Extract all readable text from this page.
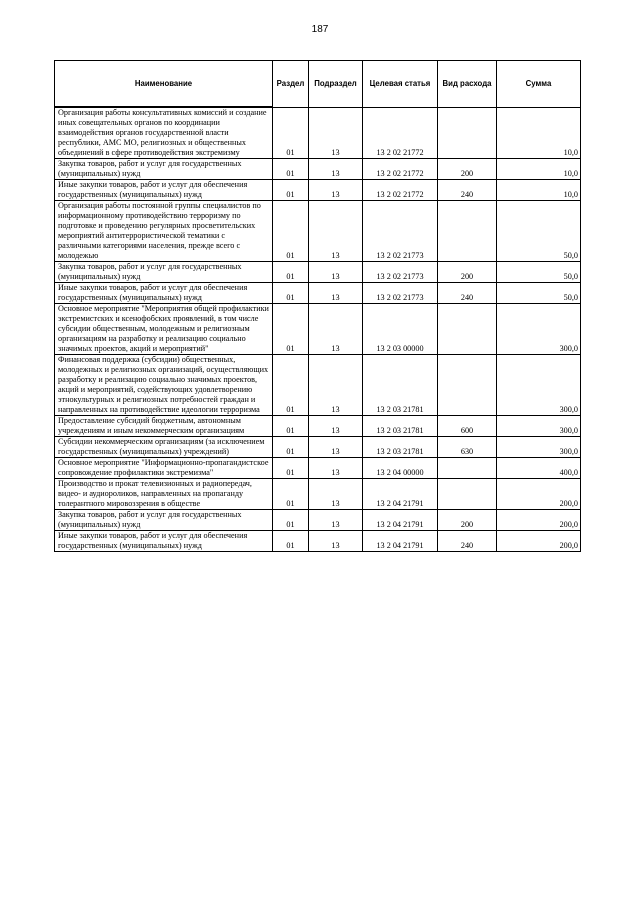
187
Наименование	Раздел	Подраздел	Целевая статья	Вид расхода	Сумма
Организация работы консультативных комиссий и создание иных совещательных органов по координации взаимодействия органов государственной власти республики, АМС МО, религиозных и общественных объединений в сфере противодействия экстремизму	01	13	13 2 02 21772		10,0
Закупка товаров, работ и услуг для государственных (муниципальных) нужд	01	13	13 2 02 21772	200	10,0
Иные закупки товаров, работ и услуг для обеспечения государственных (муниципальных) нужд	01	13	13 2 02 21772	240	10,0
Организация работы постоянной группы специалистов по информационному противодействию терроризму по подготовке и проведению регулярных просветительских мероприятий антитеррористической тематики с различными категориями населения, прежде всего с молодежью	01	13	13 2 02 21773		50,0
Закупка товаров, работ и услуг для государственных (муниципальных) нужд	01	13	13 2 02 21773	200	50,0
Иные закупки товаров, работ и услуг для обеспечения государственных (муниципальных) нужд	01	13	13 2 02 21773	240	50,0
Основное мероприятие "Мероприятия общей профилактики экстремистских и ксенофобских проявлений, в том числе субсидии общественным, молодежным и религиозным организациям на разработку и реализацию социально значимых проектов, акций и мероприятий"	01	13	13 2 03 00000		300,0
Финансовая поддержка (субсидии) общественных, молодежных и религиозных организаций, осуществляющих разработку и реализацию социально значимых проектов, акций и мероприятий, содействующих удовлетворению этнокультурных и религиозных потребностей граждан и направленных на противодействие идеологии терроризма	01	13	13 2 03 21781		300,0
Предоставление субсидий бюджетным, автономным учреждениям и иным некоммерческим организациям	01	13	13 2 03 21781	600	300,0
Субсидии некоммерческим организациям (за исключением государственных (муниципальных) учреждений)	01	13	13 2 03 21781	630	300,0
Основное мероприятие "Информационно-пропагандистское сопровождение профилактики экстремизма"	01	13	13 2 04 00000		400,0
Производство и прокат телевизионных и радиопередач, видео- и аудиороликов, направленных на пропаганду толерантного мировоззрения в обществе	01	13	13 2 04 21791		200,0
Закупка товаров, работ и услуг для государственных (муниципальных) нужд	01	13	13 2 04 21791	200	200,0
Иные закупки товаров, работ и услуг для обеспечения государственных (муниципальных) нужд	01	13	13 2 04 21791	240	200,0
